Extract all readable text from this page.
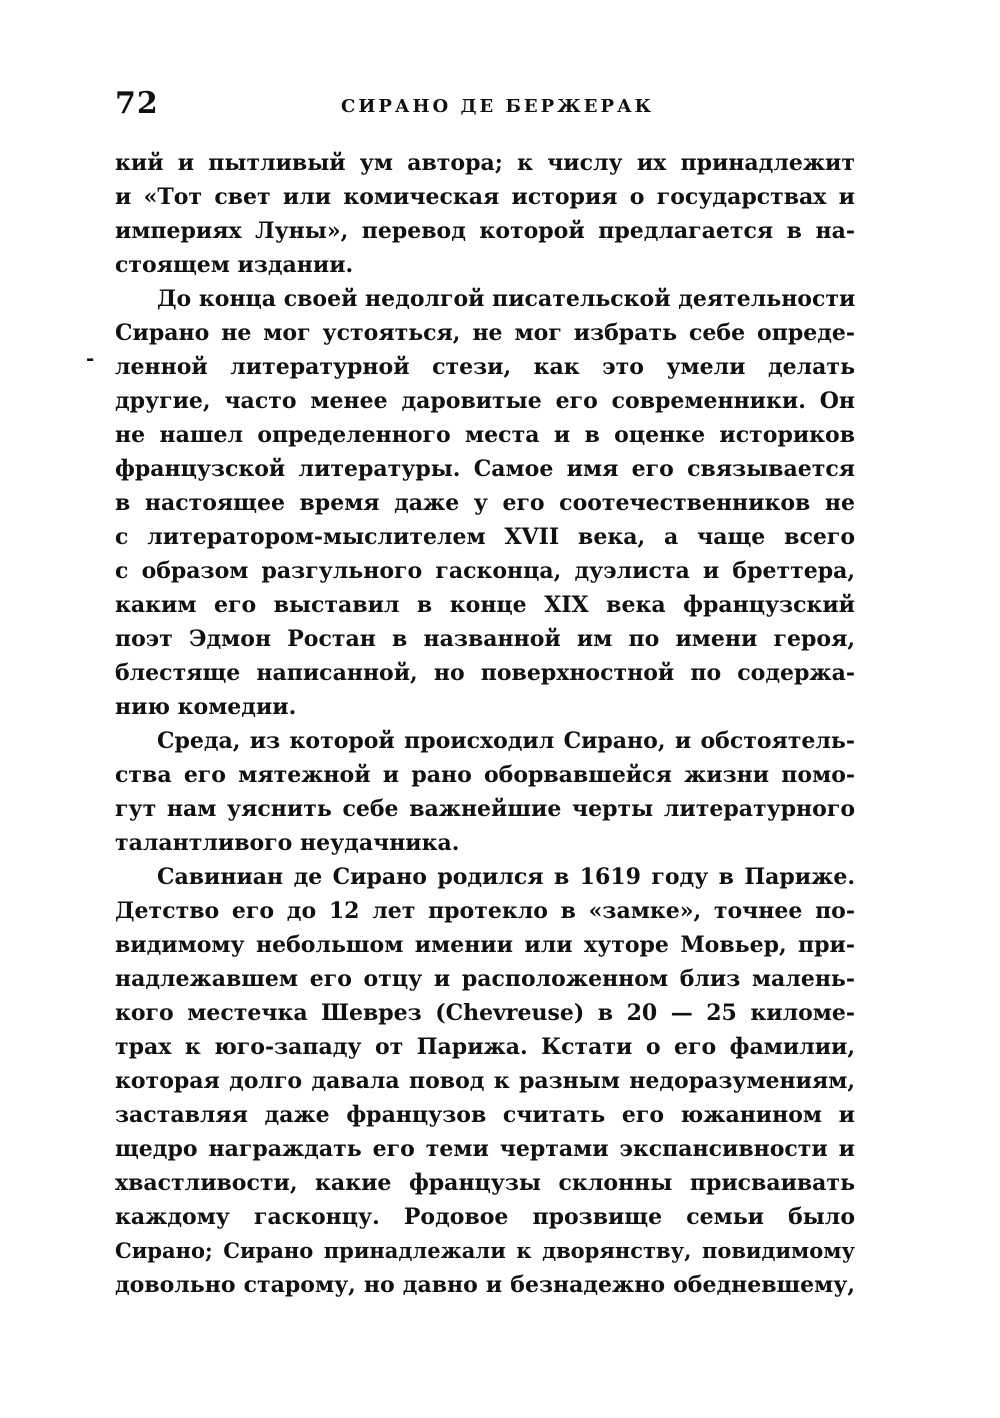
72	СИРАНО ДЕ БЕРЖЕРАК
-
кий и пытливый ум автора; к числу их принадлежит
и «Тот свет или комическая история о государствах и
империях Луны», перевод которой предлагается в на-
стоящем издании.
До конца своей недолгой писательской деятельности
Сирано не мог устояться, не мог избрать себе опреде-
ленной литературной стези, как это умели делать
другие, часто менее даровитые его современники. Он
не нашел определенного места и в оценке историков
французской литературы. Самое имя его связывается
в настоящее время даже у его соотечественников не
с литератором-мыслителем XVII века, а чаще всего
с образом разгульного гасконца, дуэлиста и бреттера,
каким его выставил в конце XIX века французский
поэт Эдмон Ростан в названной им по имени героя,
блестяще написанной, но поверхностной по содержа-
нию комедии.
Среда, из которой происходил Сирано, и обстоятель-
ства его мятежной и рано оборвавшейся жизни помо-
гут нам уяснить себе важнейшие черты литературного
талантливого неудачника.
Савиниан де Сирано родился в 1619 году в Париже.
Детство его до 12 лет протекло в «замке», точнее по-
видимому небольшом имении или хуторе Мовьер, при-
надлежавшем его отцу и расположенном близ малень-
кого местечка Шеврез (Chevreuse) в 20 — 25 киломе-
трах к юго-западу от Парижа. Кстати о его фамилии,
которая долго давала повод к разным недоразумениям,
заставляя даже французов считать его южанином и
щедро награждать его теми чертами экспансивности и
хвастливости, какие французы склонны присваивать
каждому гасконцу. Родовое прозвище семьи было
Сирано; Сирано принадлежали к дворянству, повидимому
довольно старому, но давно и безнадежно обедневшему,
